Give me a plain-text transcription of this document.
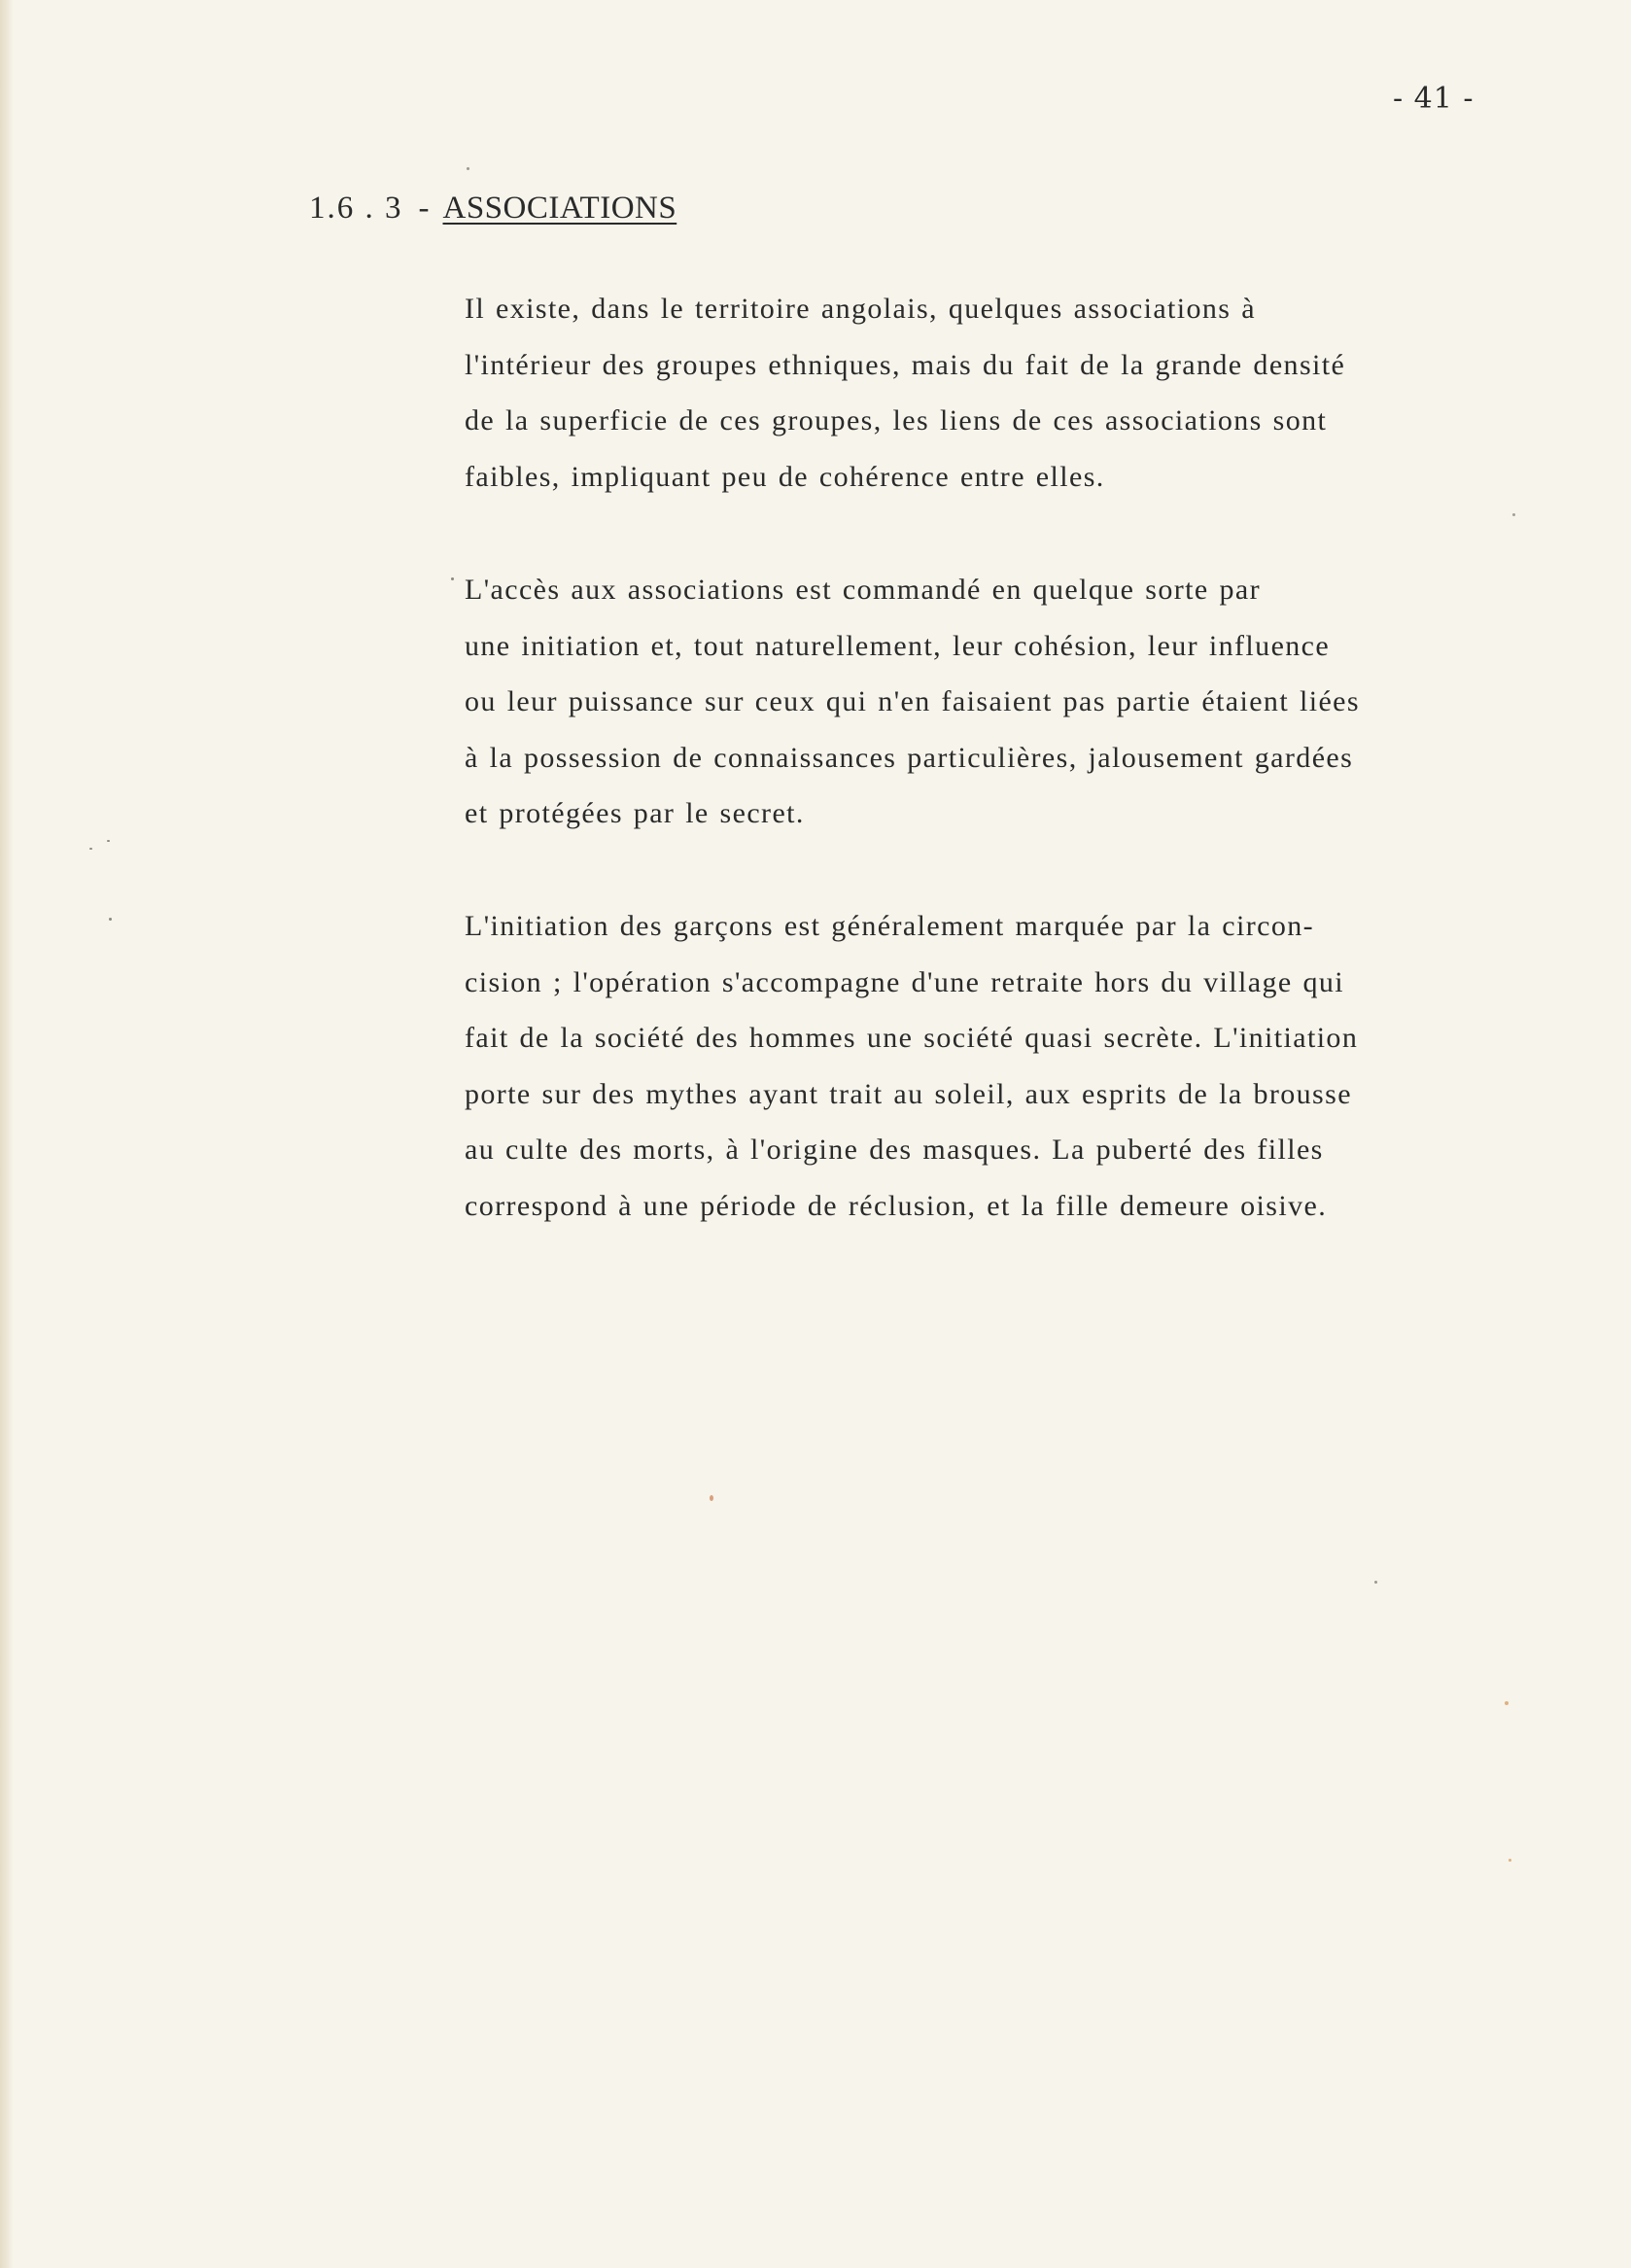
- 41 -
1.6 . 3 - ASSOCIATIONS
Il existe, dans le territoire angolais, quelques associations à
l'intérieur des groupes ethniques, mais du fait de la grande densité
de la superficie de ces groupes, les liens de ces associations sont
faibles, impliquant peu de cohérence entre elles.
L'accès aux associations est commandé en quelque sorte par
une initiation et, tout naturellement, leur cohésion, leur influence
ou leur puissance sur ceux qui n'en faisaient pas partie étaient liées
à la possession de connaissances particulières, jalousement gardées
et protégées par le secret.
L'initiation des garçons est généralement marquée par la circon-
cision ; l'opération s'accompagne d'une retraite hors du village qui
fait de la société des hommes une société quasi secrète. L'initiation
porte sur des mythes ayant trait au soleil, aux esprits de la brousse
au culte des morts, à l'origine des masques. La puberté des filles
correspond à une période de réclusion, et la fille demeure oisive.
